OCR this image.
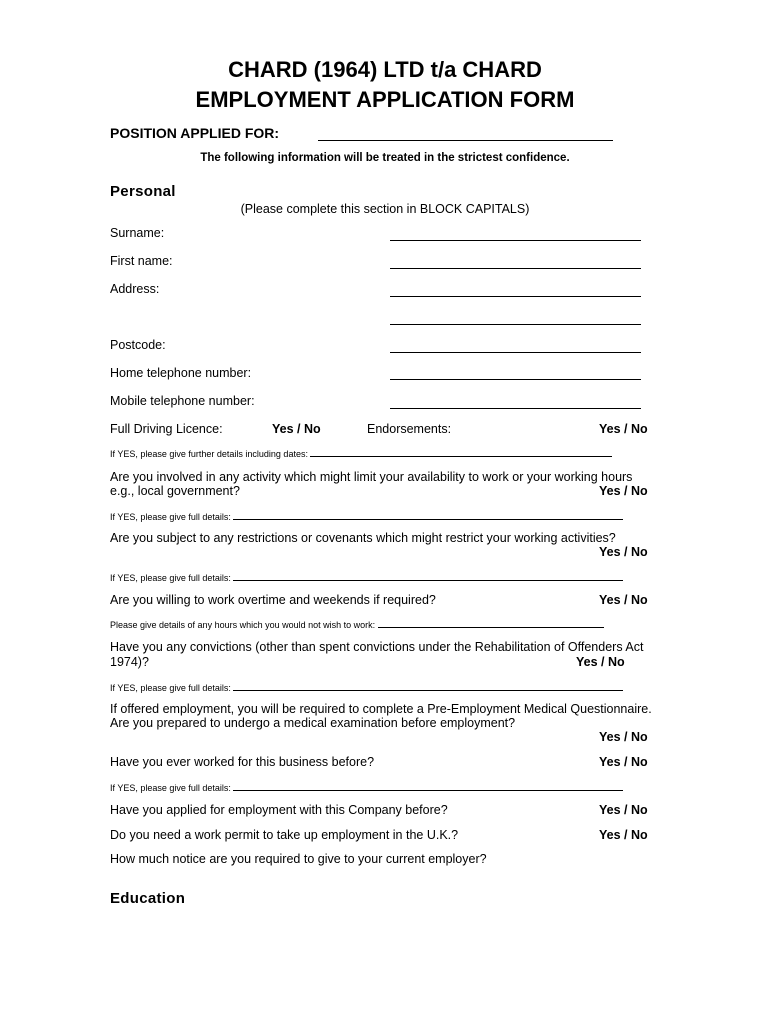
CHARD (1964) LTD t/a CHARD
EMPLOYMENT APPLICATION FORM
POSITION APPLIED FOR:
The following information will be treated in the strictest confidence.
Personal
(Please complete this section in BLOCK CAPITALS)
Surname:
First name:
Address:
Postcode:
Home telephone number:
Mobile telephone number:
Full Driving Licence:	Yes / No	Endorsements:	Yes / No
If YES, please give further details including dates:
Are you involved in any activity which might limit your availability to work or your working hours
e.g., local government?	Yes / No
If YES, please give full details:
Are you subject to any restrictions or covenants which might restrict your working activities?
Yes / No
If YES, please give full details:
Are you willing to work overtime and weekends if required?	Yes / No
Please give details of any hours which you would not wish to work:
Have you any convictions (other than spent convictions under the Rehabilitation of Offenders Act
1974)?	Yes / No
If YES, please give full details:
If offered employment, you will be required to complete a Pre-Employment Medical Questionnaire.
Are you prepared to undergo a medical examination before employment?
Yes / No
Have you ever worked for this business before?	Yes / No
If YES, please give full details:
Have you applied for employment with this Company before?	Yes / No
Do you need a work permit to take up employment in the U.K.?	Yes / No
How much notice are you required to give to your current employer?
Education
